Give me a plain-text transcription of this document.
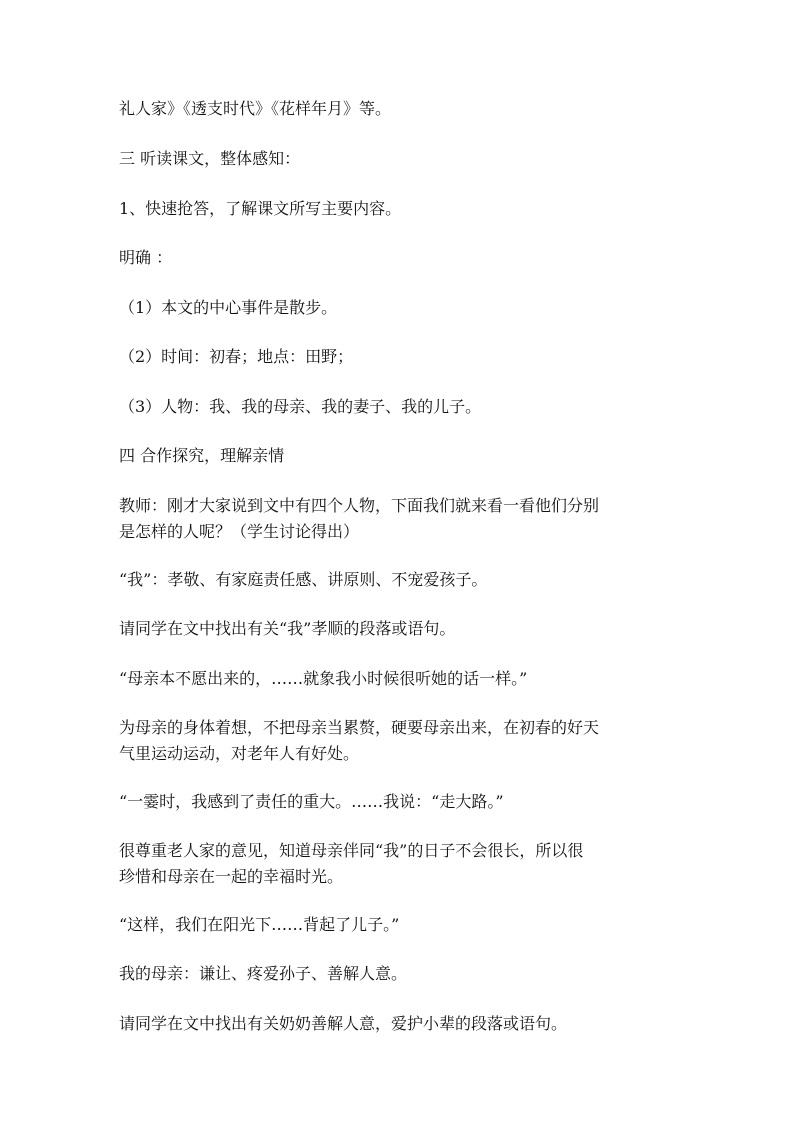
礼人家》《透支时代》《花样年月》等。

三 听读课文，整体感知：

1、快速抢答，了解课文所写主要内容。

明确 ：

（1）本文的中心事件是散步。

（2）时间：初春；地点：田野；

（3）人物：我、我的母亲、我的妻子、我的儿子。

四 合作探究，理解亲情

教师：刚才大家说到文中有四个人物，下面我们就来看一看他们分别
是怎样的人呢？（学生讨论得出）

“我”：孝敬、有家庭责任感、讲原则、不宠爱孩子。

请同学在文中找出有关“我”孝顺的段落或语句。

“母亲本不愿出来的，……就象我小时候很听她的话一样。”

为母亲的身体着想，不把母亲当累赘，硬要母亲出来，在初春的好天
气里运动运动，对老年人有好处。

“一霎时，我感到了责任的重大。……我说：“走大路。”

很尊重老人家的意见，知道母亲伴同“我”的日子不会很长，所以很
珍惜和母亲在一起的幸福时光。

“这样，我们在阳光下……背起了儿子。”

我的母亲：谦让、疼爱孙子、善解人意。

请同学在文中找出有关奶奶善解人意，爱护小辈的段落或语句。
